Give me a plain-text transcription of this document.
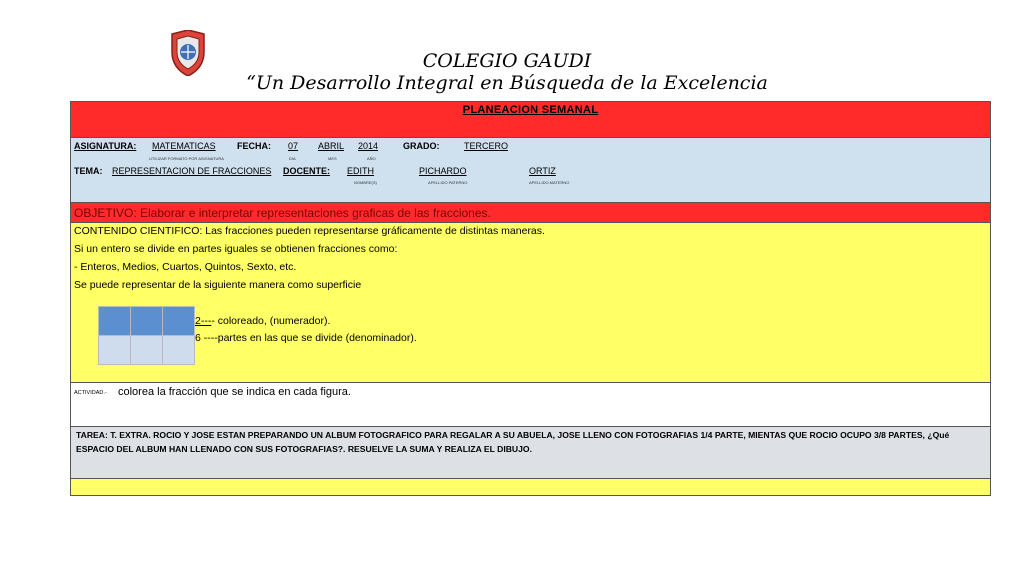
COLEGIO GAUDI
“Un Desarrollo Integral en Búsqueda de la Excelencia
PLANEACION SEMANAL
ASIGNATURA: MATEMATICAS FECHA: 07 ABRIL 2014	GRADO:	TERCERO
UTILIZAR FORMATO POR ASIGNATURA	DIA	MES	AÑO
TEMA: REPRESENTACION DE FRACCIONES DOCENTE: EDITH	PICHARDO	ORTIZ
NOMBRE(S)	APELLIDO PATERNO	APELLIDO MATERNO
OBJETIVO: Elaborar e interpretar representaciones graficas de las fracciones.
CONTENIDO CIENTIFICO: Las fracciones pueden representarse gráficamente de distintas maneras.
Si un entero se divide en partes iguales se obtienen fracciones como:
- Enteros, Medios, Cuartos, Quintos, Sexto, etc.
Se puede representar de la siguiente manera como superficie

2---- coloreado, (numerador).
6 ----partes en las que se divide (denominador).
ACTIVIDAD.- colorea la fracción que se indica en cada figura.
TAREA: T. EXTRA. ROCIO Y JOSE ESTAN PREPARANDO UN ALBUM FOTOGRAFICO PARA REGALAR A SU ABUELA, JOSE LLENO CON FOTOGRAFIAS 1/4 PARTE, MIENTAS QUE ROCIO OCUPO 3/8 PARTES, ¿Qué
ESPACIO DEL ALBUM HAN LLENADO CON SUS FOTOGRAFIAS?. RESUELVE LA SUMA Y REALIZA EL DIBUJO.
